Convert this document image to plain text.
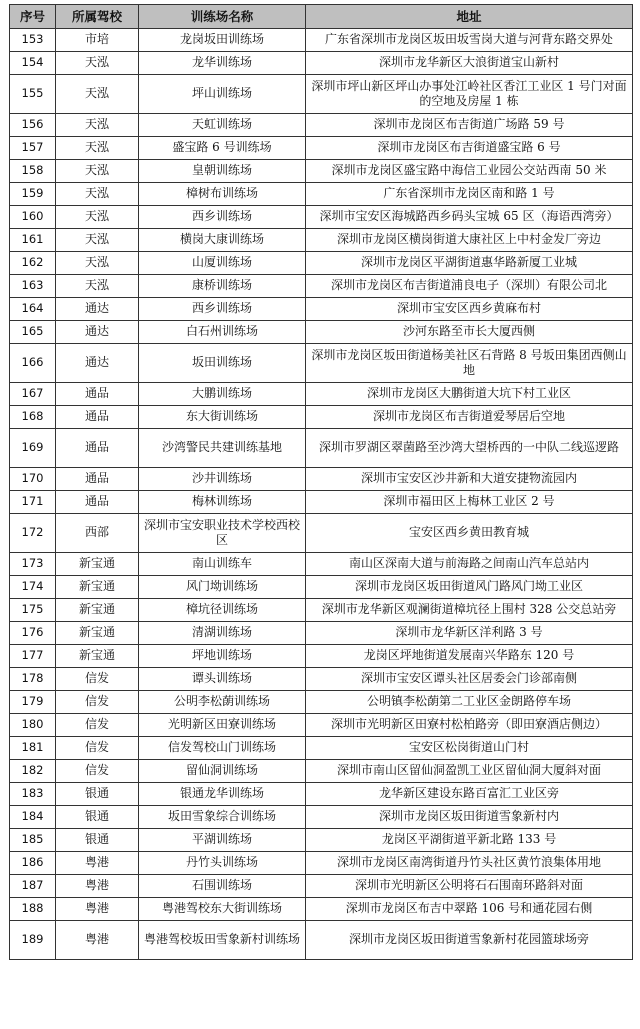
序号	所属驾校	训练场名称	地址
153	市培	龙岗坂田训练场	广东省深圳市龙岗区坂田坂雪岗大道与河背东路交界处
154	天泓	龙华训练场	深圳市龙华新区大浪街道宝山新村
155	天泓	坪山训练场	深圳市坪山新区坪山办事处江岭社区香江工业区 1 号门对面的空地及房屋 1 栋
156	天泓	天虹训练场	深圳市龙岗区布吉街道广场路 59 号
157	天泓	盛宝路 6 号训练场	深圳市龙岗区布吉街道盛宝路 6 号
158	天泓	皇朝训练场	深圳市龙岗区盛宝路中海信工业园公交站西南 50 米
159	天泓	樟树布训练场	广东省深圳市龙岗区南和路 1 号
160	天泓	西乡训练场	深圳市宝安区海城路西乡码头宝城 65 区（海语西湾旁）
161	天泓	横岗大康训练场	深圳市龙岗区横岗街道大康社区上中村金发厂旁边
162	天泓	山厦训练场	深圳市龙岗区平湖街道惠华路新厦工业城
163	天泓	康桥训练场	深圳市龙岗区布吉街道浦良电子（深圳）有限公司北
164	通达	西乡训练场	深圳市宝安区西乡黄麻布村
165	通达	白石州训练场	沙河东路至市长大厦西侧
166	通达	坂田训练场	深圳市龙岗区坂田街道杨美社区石背路 8 号坂田集团西侧山地
167	通品	大鹏训练场	深圳市龙岗区大鹏街道大坑下村工业区
168	通品	东大街训练场	深圳市龙岗区布吉街道爱琴居后空地
169	通品	沙湾警民共建训练基地	深圳市罗湖区翠菌路至沙湾大望桥西的一中队二线巡逻路
170	通品	沙井训练场	深圳市宝安区沙井新和大道安捷物流园内
171	通品	梅林训练场	深圳市福田区上梅林工业区 2 号
172	西部	深圳市宝安职业技术学校西校区	宝安区西乡黄田教育城
173	新宝通	南山训练车	南山区深南大道与前海路之间南山汽车总站内
174	新宝通	风门坳训练场	深圳市龙岗区坂田街道风门路风门坳工业区
175	新宝通	樟坑径训练场	深圳市龙华新区观澜街道樟坑径上围村 328 公交总站旁
176	新宝通	清湖训练场	深圳市龙华新区洋利路 3 号
177	新宝通	坪地训练场	龙岗区坪地街道发展南兴华路东 120 号
178	信发	谭头训练场	深圳市宝安区谭头社区居委会门诊部南侧
179	信发	公明李松蓢训练场	公明镇李松蓢第二工业区金朗路停车场
180	信发	光明新区田寮训练场	深圳市光明新区田寮村松柏路旁（即田寮酒店侧边）
181	信发	信发驾校山门训练场	宝安区松岗街道山门村
182	信发	留仙洞训练场	深圳市南山区留仙洞盈凯工业区留仙洞大厦斜对面
183	银通	银通龙华训练场	龙华新区建设东路百富汇工业区旁
184	银通	坂田雪象综合训练场	深圳市龙岗区坂田街道雪象新村内
185	银通	平湖训练场	龙岗区平湖街道平新北路 133 号
186	粤港	丹竹头训练场	深圳市龙岗区南湾街道丹竹头社区黄竹浪集体用地
187	粤港	石围训练场	深圳市光明新区公明将石石围南环路斜对面
188	粤港	粤港驾校东大街训练场	深圳市龙岗区布吉中翠路 106 号和通花园右侧
189	粤港	粤港驾校坂田雪象新村训练场	深圳市龙岗区坂田街道雪象新村花园篮球场旁
